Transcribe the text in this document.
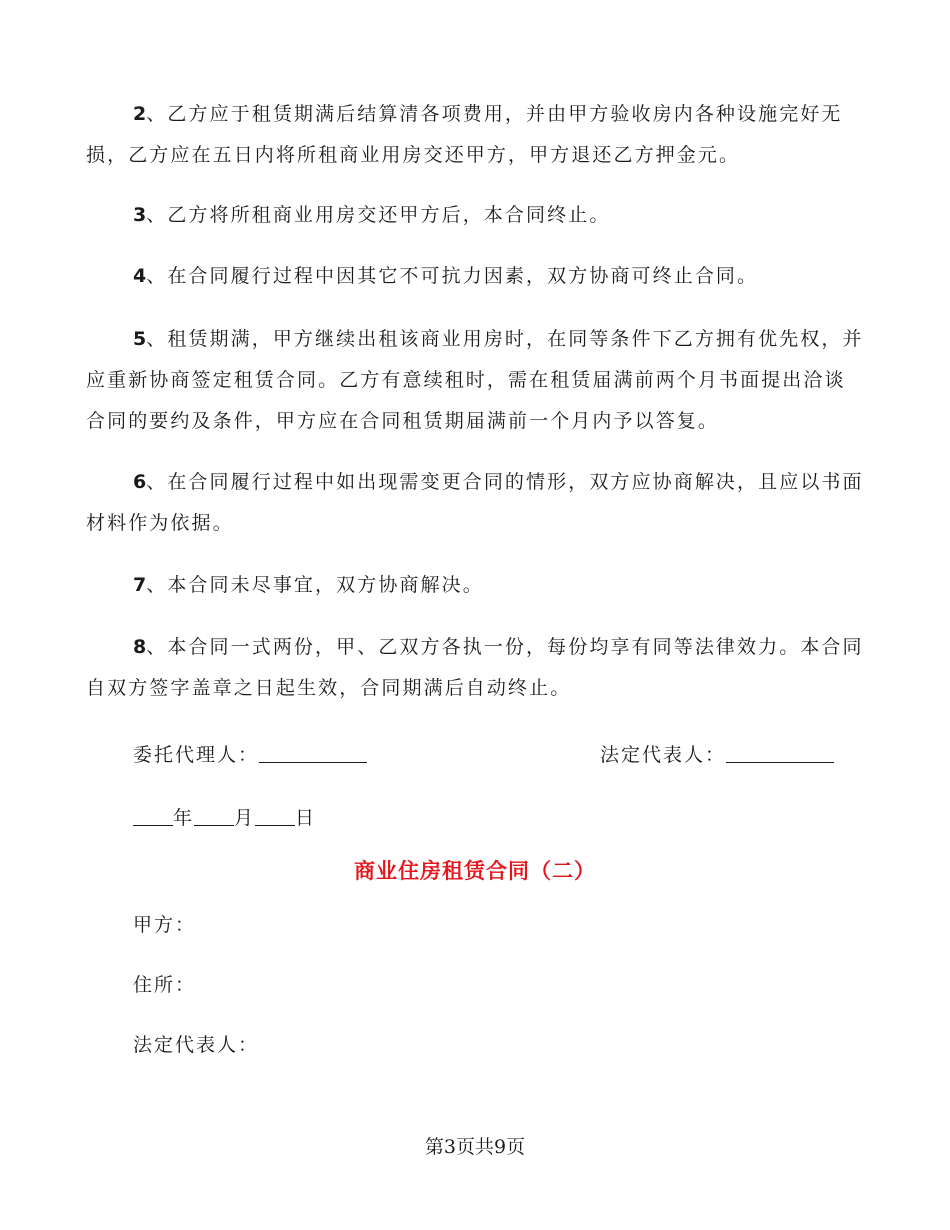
2、乙方应于租赁期满后结算清各项费用，并由甲方验收房内各种设施完好无损，乙方应在五日内将所租商业用房交还甲方，甲方退还乙方押金元。

3、乙方将所租商业用房交还甲方后，本合同终止。

4、在合同履行过程中因其它不可抗力因素，双方协商可终止合同。

5、租赁期满，甲方继续出租该商业用房时，在同等条件下乙方拥有优先权，并应重新协商签定租赁合同。乙方有意续租时，需在租赁届满前两个月书面提出洽谈合同的要约及条件，甲方应在合同租赁期届满前一个月内予以答复。

6、在合同履行过程中如出现需变更合同的情形，双方应协商解决，且应以书面材料作为依据。

7、本合同未尽事宜，双方协商解决。

8、本合同一式两份，甲、乙双方各执一份，每份均享有同等法律效力。本合同自双方签字盖章之日起生效，合同期满后自动终止。

委托代理人：	法定代表人：
年 月 日
商业住房租赁合同（二）
甲方：
住所：
法定代表人：
第3页共9页
